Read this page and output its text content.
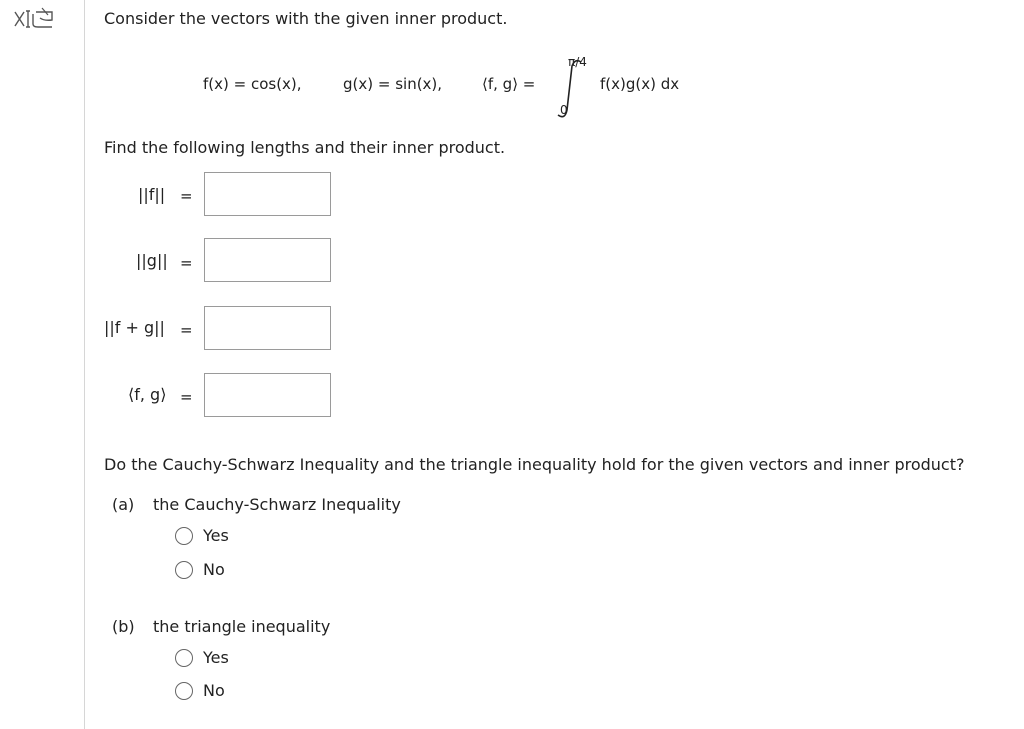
Consider the vectors with the given inner product.
f(x) = cos(x),	g(x) = sin(x),	⟨f, g⟩ =
π/4
0
f(x)g(x) dx
Find the following lengths and their inner product.
||f|| =
||g|| =
||f + g|| =
⟨f, g⟩ =
Do the Cauchy-Schwarz Inequality and the triangle inequality hold for the given vectors and inner product?
(a) the Cauchy-Schwarz Inequality
Yes
No
(b) the triangle inequality
Yes
No
